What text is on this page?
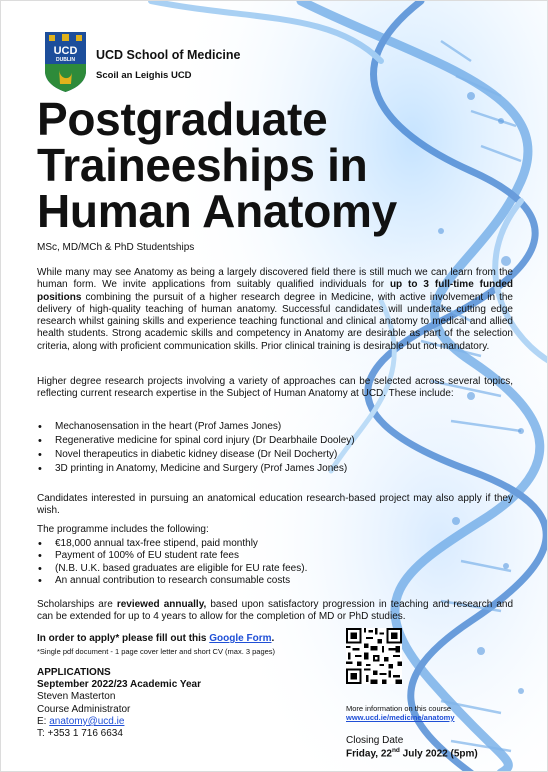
UCD
DUBLIN UCD School of Medicine
Scoil an Leighis UCD
Postgraduate
Traineeships in
Human Anatomy
MSc, MD/MCh & PhD Studentships
While many may see Anatomy as being a largely discovered field there is still much we can learn from the human form. We invite applications from suitably qualified individuals for up to 3 full-time funded positions combining the pursuit of a higher research degree in Medicine, with active involvement in the delivery of high-quality teaching of human anatomy. Successful candidates will undertake cutting edge research whilst gaining skills and experience teaching functional and clinical anatomy to medical and allied health students. Strong academic skills and competency in Anatomy are desirable as part of the selection criteria, along with proficient communication skills. Prior clinical training is desirable but not mandatory.
Higher degree research projects involving a variety of approaches can be selected across several topics, reflecting current research expertise in the Subject of Human Anatomy at UCD. These include:
• Mechanosensation in the heart (Prof James Jones)
• Regenerative medicine for spinal cord injury (Dr Dearbhaile Dooley)
• Novel therapeutics in diabetic kidney disease (Dr Neil Docherty)
• 3D printing in Anatomy, Medicine and Surgery (Prof James Jones)
Candidates interested in pursuing an anatomical education research-based project may also apply if they wish.
The programme includes the following:
• €18,000 annual tax-free stipend, paid monthly
• Payment of 100% of EU student rate fees
• (N.B. U.K. based graduates are eligible for EU rate fees).
• An annual contribution to research consumable costs
Scholarships are reviewed annually, based upon satisfactory progression in teaching and research and can be extended for up to 4 years to allow for the completion of MD or PhD studies.
In order to apply* please fill out this Google Form.
*Single pdf document - 1 page cover letter and short CV (max. 3 pages)
APPLICATIONS
September 2022/23 Academic Year
Steven Masterton
Course Administrator
E: anatomy@ucd.ie
T: +353 1 716 6634
More information on this course
www.ucd.ie/medicine/anatomy
Closing Date
Friday, 22nd July 2022 (5pm)
